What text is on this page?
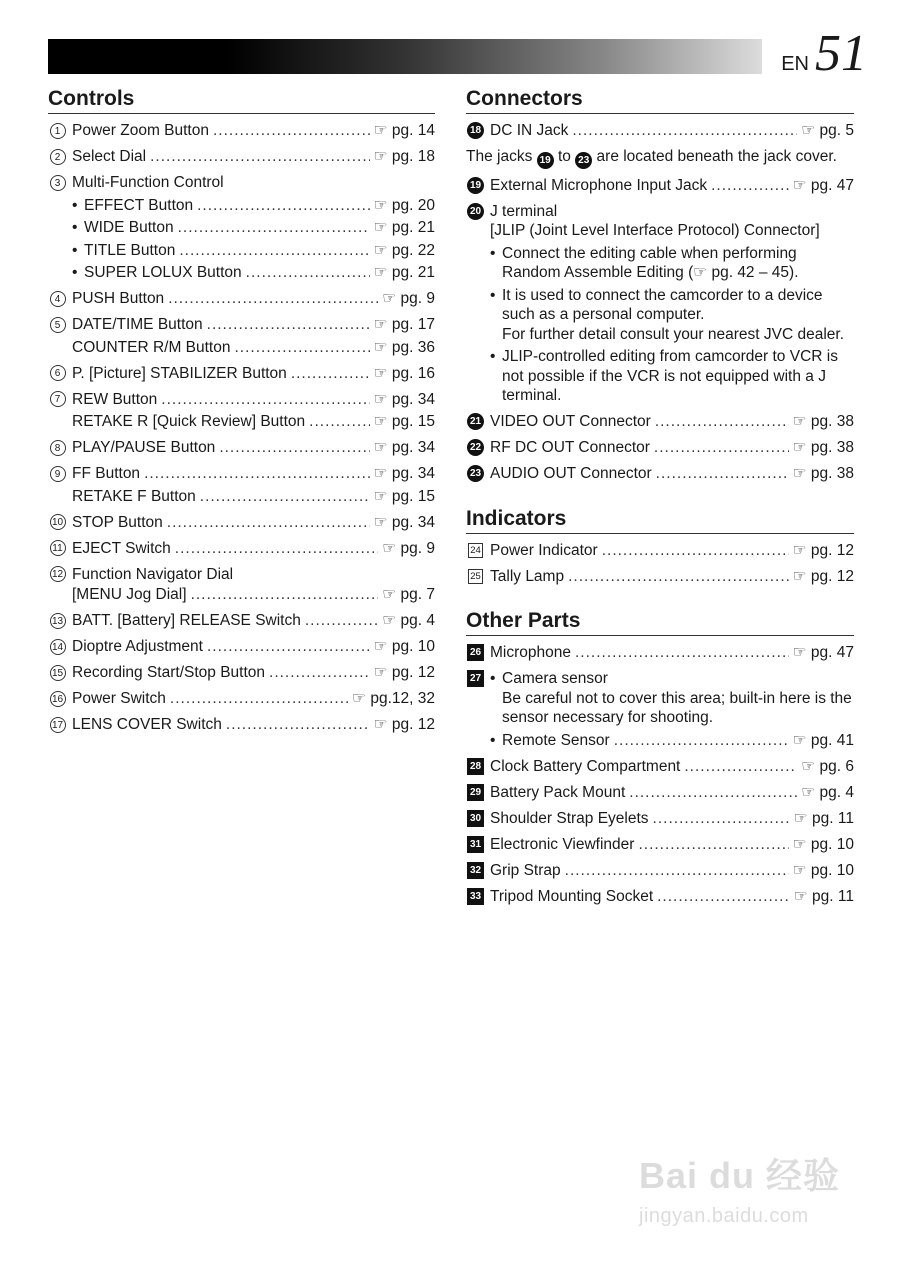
EN 51
Controls
1 Power Zoom Button .....	☞ pg. 14
2 Select Dial .....	☞ pg. 18
3 Multi-Function Control
• EFFECT Button .....	☞ pg. 20
• WIDE Button .....	☞ pg. 21
• TITLE Button .....	☞ pg. 22
• SUPER LOLUX Button .....	☞ pg. 21
4 PUSH Button .....	☞ pg. 9
5 DATE/TIME Button .....	☞ pg. 17
COUNTER R/M Button .....	☞ pg. 36
6 P. [Picture] STABILIZER Button .....	☞ pg. 16
7 REW Button .....	☞ pg. 34
RETAKE R [Quick Review] Button .....	☞ pg. 15
8 PLAY/PAUSE Button .....	☞ pg. 34
9 FF Button .....	☞ pg. 34
RETAKE F Button .....	☞ pg. 15
10 STOP Button .....	☞ pg. 34
11 EJECT Switch .....	☞ pg. 9
12 Function Navigator Dial
[MENU Jog Dial] .....	☞ pg. 7
13 BATT. [Battery] RELEASE Switch .....	☞ pg. 4
14 Dioptre Adjustment .....	☞ pg. 10
15 Recording Start/Stop Button .....	☞ pg. 12
16 Power Switch .....	☞ pg.12, 32
17 LENS COVER Switch .....	☞ pg. 12
Connectors
18 DC IN Jack .....	☞ pg. 5
The jacks 19 to 23 are located beneath the jack cover.
19 External Microphone Input Jack .....	☞ pg. 47
20 J terminal
[JLIP (Joint Level Interface Protocol) Connector]
• Connect the editing cable when performing Random Assemble Editing (☞ pg. 42 – 45).
• It is used to connect the camcorder to a device such as a personal computer.
For further detail consult your nearest JVC dealer.
• JLIP-controlled editing from camcorder to VCR is not possible if the VCR is not equipped with a J terminal.
21 VIDEO OUT Connector .....	☞ pg. 38
22 RF DC OUT Connector .....	☞ pg. 38
23 AUDIO OUT Connector .....	☞ pg. 38
Indicators
24 Power Indicator .....	☞ pg. 12
25 Tally Lamp .....	☞ pg. 12
Other Parts
26 Microphone .....	☞ pg. 47
27 • Camera sensor
Be careful not to cover this area; built-in here is the sensor necessary for shooting.
• Remote Sensor .....	☞ pg. 41
28 Clock Battery Compartment .....	☞ pg. 6
29 Battery Pack Mount .....	☞ pg. 4
30 Shoulder Strap Eyelets .....	☞ pg. 11
31 Electronic Viewfinder .....	☞ pg. 10
32 Grip Strap .....	☞ pg. 10
33 Tripod Mounting Socket .....	☞ pg. 11
Bai du 经验
jingyan.baidu.com
